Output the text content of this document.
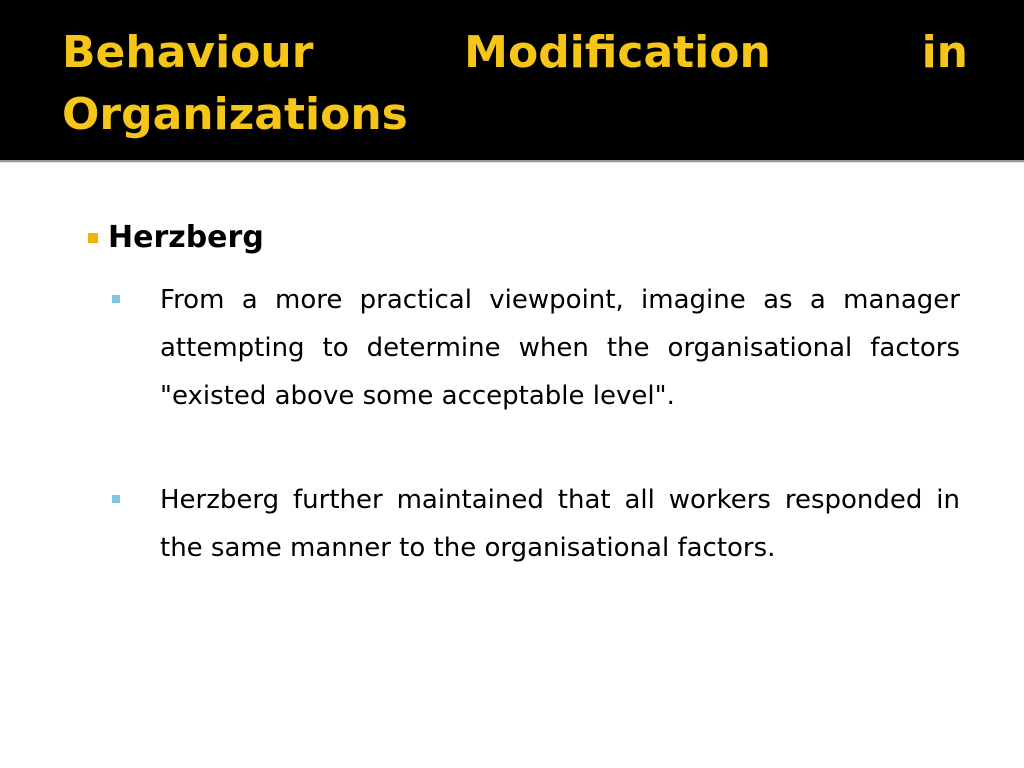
Behaviour Modification in Organizations
Herzberg

From a more practical viewpoint, imagine as a manager attempting to determine when the organisational factors "existed above some acceptable level".

Herzberg further maintained that all workers responded in the same manner to the organisational factors.
